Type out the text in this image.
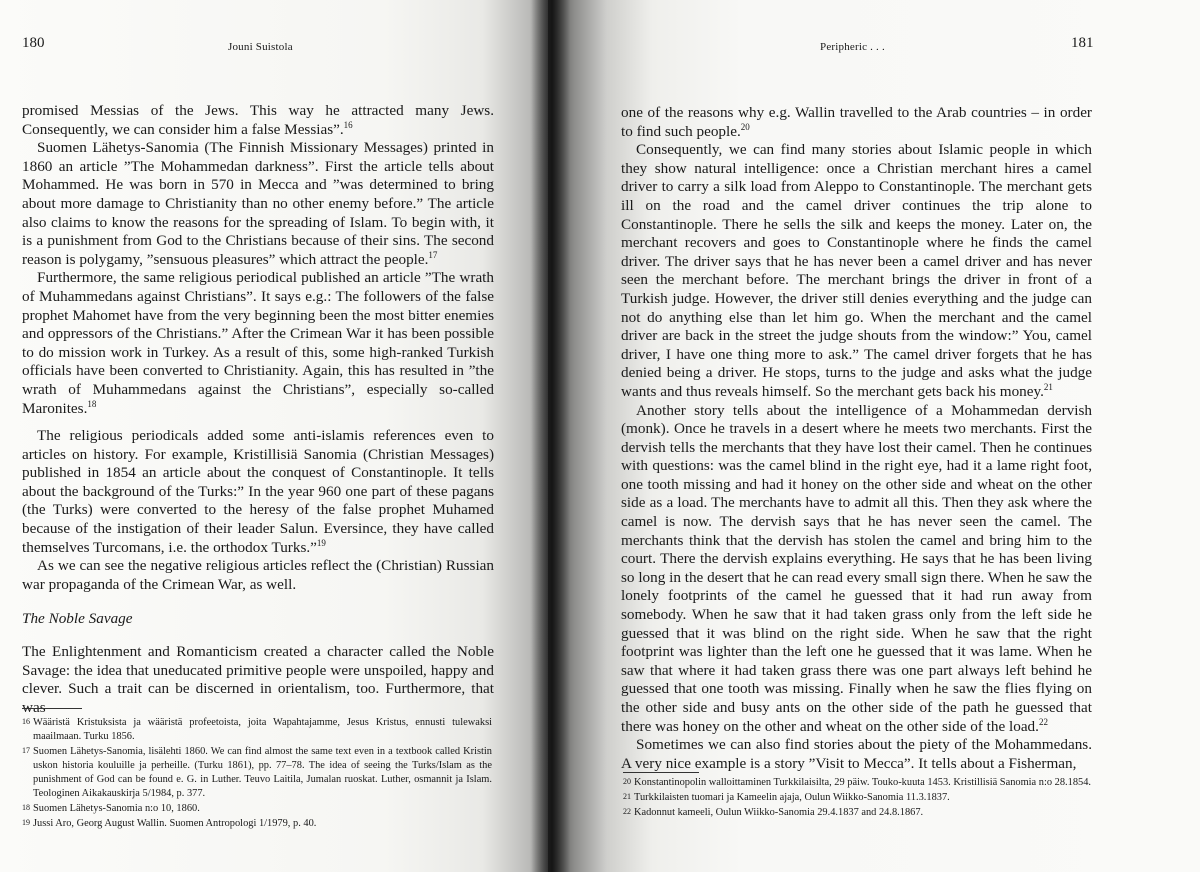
180	Jouni Suistola

promised Messias of the Jews. This way he attracted many Jews. Consequently, we can consider him a false Messias”.$^{16}$

Suomen Lähetys-Sanomia (The Finnish Missionary Messages) printed in 1860 an article ”The Mohammedan darkness”. First the article tells about Mohammed. He was born in 570 in Mecca and ”was determined to bring about more damage to Christianity than no other enemy before.” The article also claims to know the reasons for the spreading of Islam. To begin with, it is a punishment from God to the Christians because of their sins. The second reason is polygamy, ”sensuous pleasures” which attract the people.$^{17}$

Furthermore, the same religious periodical published an article ”The wrath of Muhammedans against Christians”. It says e.g.: The followers of the false prophet Mahomet have from the very beginning been the most bitter enemies and oppressors of the Christians.” After the Crimean War it has been possible to do mission work in Turkey. As a result of this, some high-ranked Turkish officials have been converted to Christianity. Again, this has resulted in ”the wrath of Muhammedans against the Christians”, especially so-called Maronites.$^{18}$

The religious periodicals added some anti-islamis references even to articles on history. For example, Kristillisiä Sanomia (Christian Messages) published in 1854 an article about the conquest of Constantinople. It tells about the background of the Turks:” In the year 960 one part of these pagans (the Turks) were converted to the heresy of the false prophet Muhamed because of the instigation of their leader Salun. Eversince, they have called themselves Turcomans, i.e. the orthodox Turks.”$^{19}$

As we can see the negative religious articles reflect the (Christian) Russian war propaganda of the Crimean War, as well.

The Noble Savage

The Enlightenment and Romanticism created a character called the Noble Savage: the idea that uneducated primitive people were unspoiled, happy and clever. Such a trait can be discerned in orientalism, too. Furthermore, that was

16 Wääristä Kristuksista ja wääristä profeetoista, joita Wapahtajamme, Jesus Kristus, ennusti tulewaksi maailmaan. Turku 1856.
17 Suomen Lähetys-Sanomia, lisälehti 1860. We can find almost the same text even in a textbook called Kristin uskon historia kouluille ja perheille. (Turku 1861), pp. 77–78. The idea of seeing the Turks/Islam as the punishment of God can be found e. G. in Luther. Teuvo Laitila, Jumalan ruoskat. Luther, osmannit ja Islam. Teologinen Aikakauskirja 5/1984, p. 377.
18 Suomen Lähetys-Sanomia n:o 10, 1860.
19 Jussi Aro, Georg August Wallin. Suomen Antropologi 1/1979, p. 40.
Peripheric . . .	181

one of the reasons why e.g. Wallin travelled to the Arab countries – in order to find such people.$^{20}$

Consequently, we can find many stories about Islamic people in which they show natural intelligence: once a Christian merchant hires a camel driver to carry a silk load from Aleppo to Constantinople. The merchant gets ill on the road and the camel driver continues the trip alone to Constantinople. There he sells the silk and keeps the money. Later on, the merchant recovers and goes to Constantinople where he finds the camel driver. The driver says that he has never been a camel driver and has never seen the merchant before. The merchant brings the driver in front of a Turkish judge. However, the driver still denies everything and the judge can not do anything else than let him go. When the merchant and the camel driver are back in the street the judge shouts from the window:” You, camel driver, I have one thing more to ask.” The camel driver forgets that he has denied being a driver. He stops, turns to the judge and asks what the judge wants and thus reveals himself. So the merchant gets back his money.$^{21}$

Another story tells about the intelligence of a Mohammedan dervish (monk). Once he travels in a desert where he meets two merchants. First the dervish tells the merchants that they have lost their camel. Then he continues with questions: was the camel blind in the right eye, had it a lame right foot, one tooth missing and had it honey on the other side and wheat on the other side as a load. The merchants have to admit all this. Then they ask where the camel is now. The dervish says that he has never seen the camel. The merchants think that the dervish has stolen the camel and bring him to the court. There the dervish explains everything. He says that he has been living so long in the desert that he can read every small sign there. When he saw the lonely footprints of the camel he guessed that it had run away from somebody. When he saw that it had taken grass only from the left side he guessed that it was blind on the right side. When he saw that the right footprint was lighter than the left one he guessed that it was lame. When he saw that where it had taken grass there was one part always left behind he guessed that one tooth was missing. Finally when he saw the flies flying on the other side and busy ants on the other side of the path he guessed that there was honey on the other and wheat on the other side of the load.$^{22}$

Sometimes we can also find stories about the piety of the Mohammedans. A very nice example is a story ”Visit to Mecca”. It tells about a Fisherman,

20 Konstantinopolin walloittaminen Turkkilaisilta, 29 päiw. Touko-kuuta 1453. Kristillisiä Sanomia n:o 28.1854.
21 Turkkilaisten tuomari ja Kameelin ajaja, Oulun Wiikko-Sanomia 11.3.1837.
22 Kadonnut kameeli, Oulun Wiikko-Sanomia 29.4.1837 and 24.8.1867.
